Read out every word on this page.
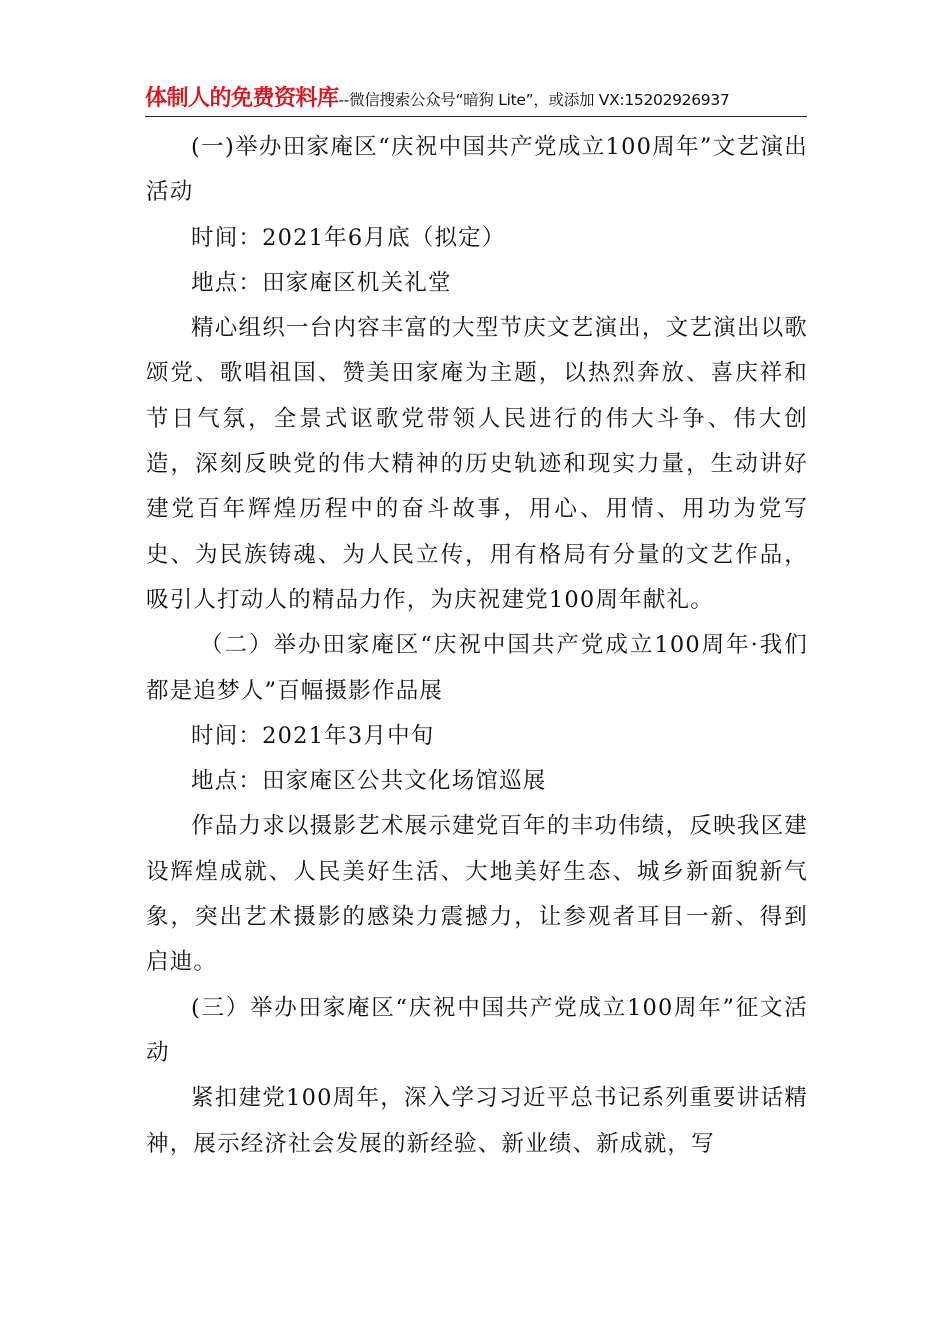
体制人的免费资料库--微信搜索公众号“暗狗 Lite”，或添加 VX:15202926937

(一)举办田家庵区“庆祝中国共产党成立100周年”文艺演出活动

时间：2021年6月底（拟定）

地点：田家庵区机关礼堂

精心组织一台内容丰富的大型节庆文艺演出，文艺演出以歌颂党、歌唱祖国、赞美田家庵为主题，以热烈奔放、喜庆祥和节日气氛，全景式讴歌党带领人民进行的伟大斗争、伟大创造，深刻反映党的伟大精神的历史轨迹和现实力量，生动讲好建党百年辉煌历程中的奋斗故事，用心、用情、用功为党写史、为民族铸魂、为人民立传，用有格局有分量的文艺作品，吸引人打动人的精品力作，为庆祝建党100周年献礼。

（二）举办田家庵区“庆祝中国共产党成立100周年·我们都是追梦人”百幅摄影作品展

时间：2021年3月中旬

地点：田家庵区公共文化场馆巡展

作品力求以摄影艺术展示建党百年的丰功伟绩，反映我区建设辉煌成就、人民美好生活、大地美好生态、城乡新面貌新气象，突出艺术摄影的感染力震撼力，让参观者耳目一新、得到启迪。

(三）举办田家庵区“庆祝中国共产党成立100周年”征文活动

紧扣建党100周年，深入学习习近平总书记系列重要讲话精神，展示经济社会发展的新经验、新业绩、新成就，写
